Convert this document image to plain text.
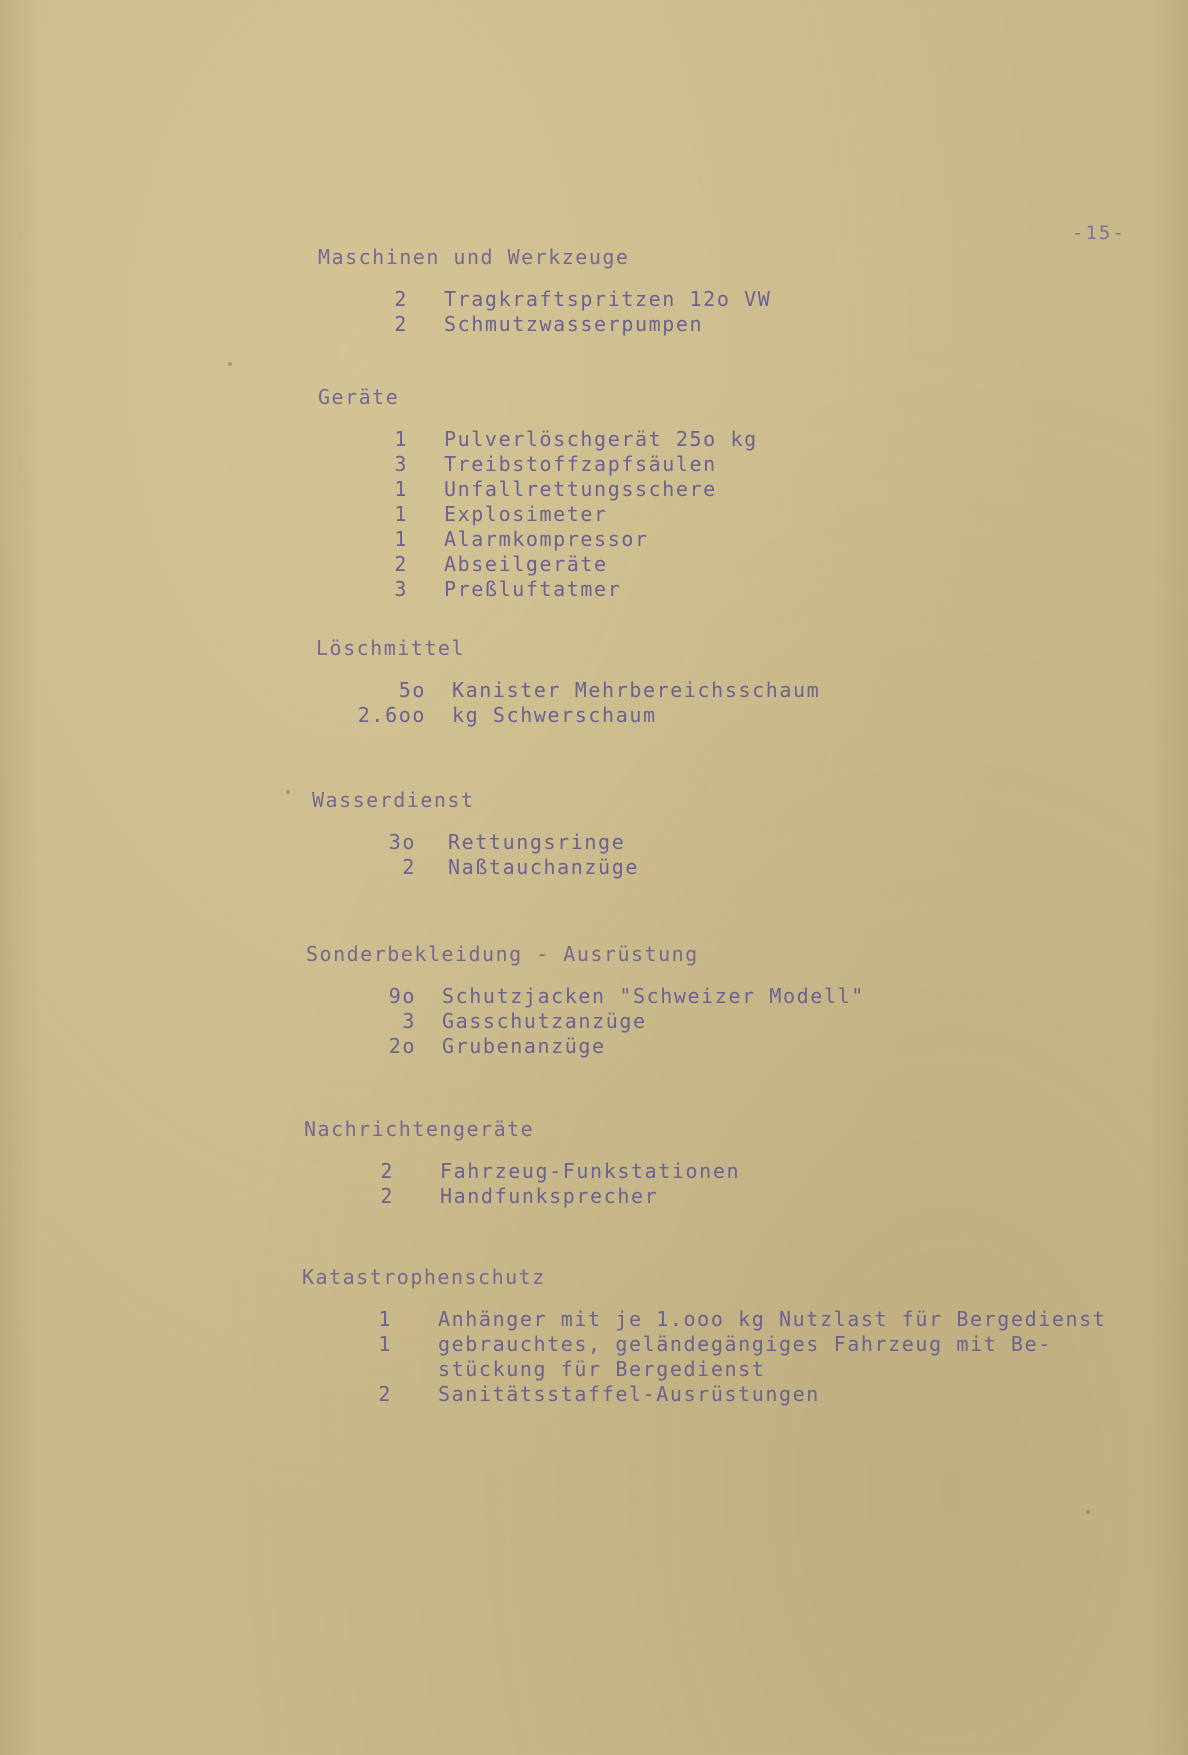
-15-
Maschinen und Werkzeuge
2	Tragkraftspritzen 12o VW
2	Schmutzwasserpumpen
Geräte
1	Pulverlöschgerät 25o kg
3	Treibstoffzapfsäulen
1	Unfallrettungsschere
1	Explosimeter
1	Alarmkompressor
2	Abseilgeräte
3	Preßluftatmer
Löschmittel
5o	Kanister Mehrbereichsschaum
2.6oo	kg Schwerschaum
Wasserdienst
3o	Rettungsringe
2	Naßtauchanzüge
Sonderbekleidung - Ausrüstung
9o	Schutzjacken "Schweizer Modell"
3	Gasschutzanzüge
2o	Grubenanzüge
Nachrichtengeräte
2	Fahrzeug-Funkstationen
2	Handfunksprecher
Katastrophenschutz
1	Anhänger mit je 1.ooo kg Nutzlast für Bergedienst
1	gebrauchtes, geländegängiges Fahrzeug mit Be-
stückung für Bergedienst
2	Sanitätsstaffel-Ausrüstungen
